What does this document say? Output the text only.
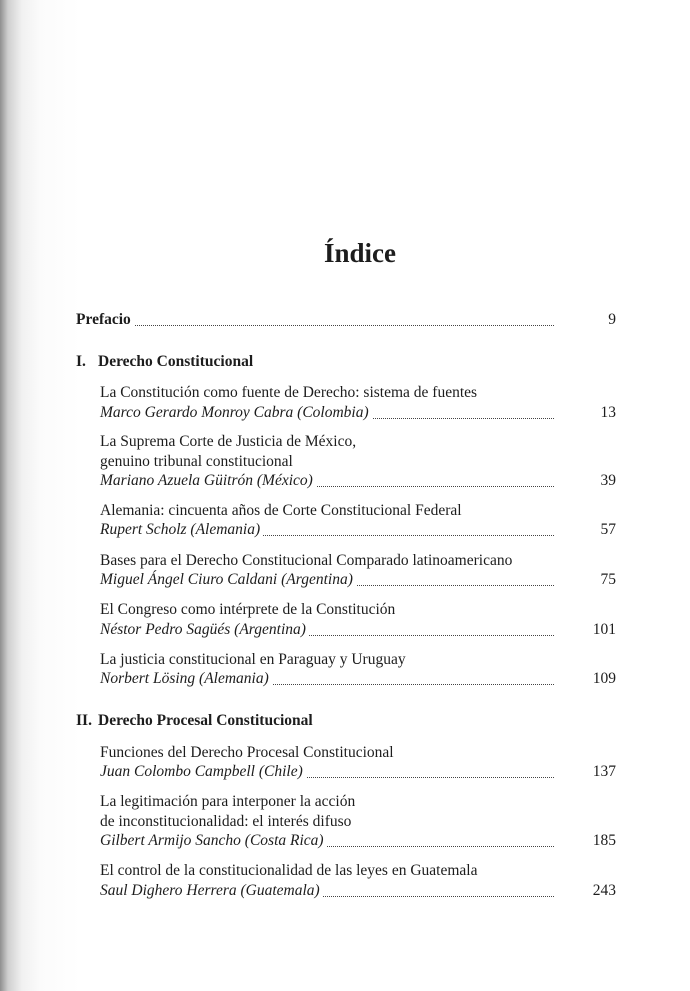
Índice
Prefacio	9
I. Derecho Constitucional
La Constitución como fuente de Derecho: sistema de fuentes
Marco Gerardo Monroy Cabra (Colombia)	13
La Suprema Corte de Justicia de México,
genuino tribunal constitucional
Mariano Azuela Güitrón (México)	39
Alemania: cincuenta años de Corte Constitucional Federal
Rupert Scholz (Alemania)	57
Bases para el Derecho Constitucional Comparado latinoamericano
Miguel Ángel Ciuro Caldani (Argentina)	75
El Congreso como intérprete de la Constitución
Néstor Pedro Sagüés (Argentina)	101
La justicia constitucional en Paraguay y Uruguay
Norbert Lösing (Alemania)	109
II. Derecho Procesal Constitucional
Funciones del Derecho Procesal Constitucional
Juan Colombo Campbell (Chile)	137
La legitimación para interponer la acción
de inconstitucionalidad: el interés difuso
Gilbert Armijo Sancho (Costa Rica)	185
El control de la constitucionalidad de las leyes en Guatemala
Saul Dighero Herrera (Guatemala)	243
